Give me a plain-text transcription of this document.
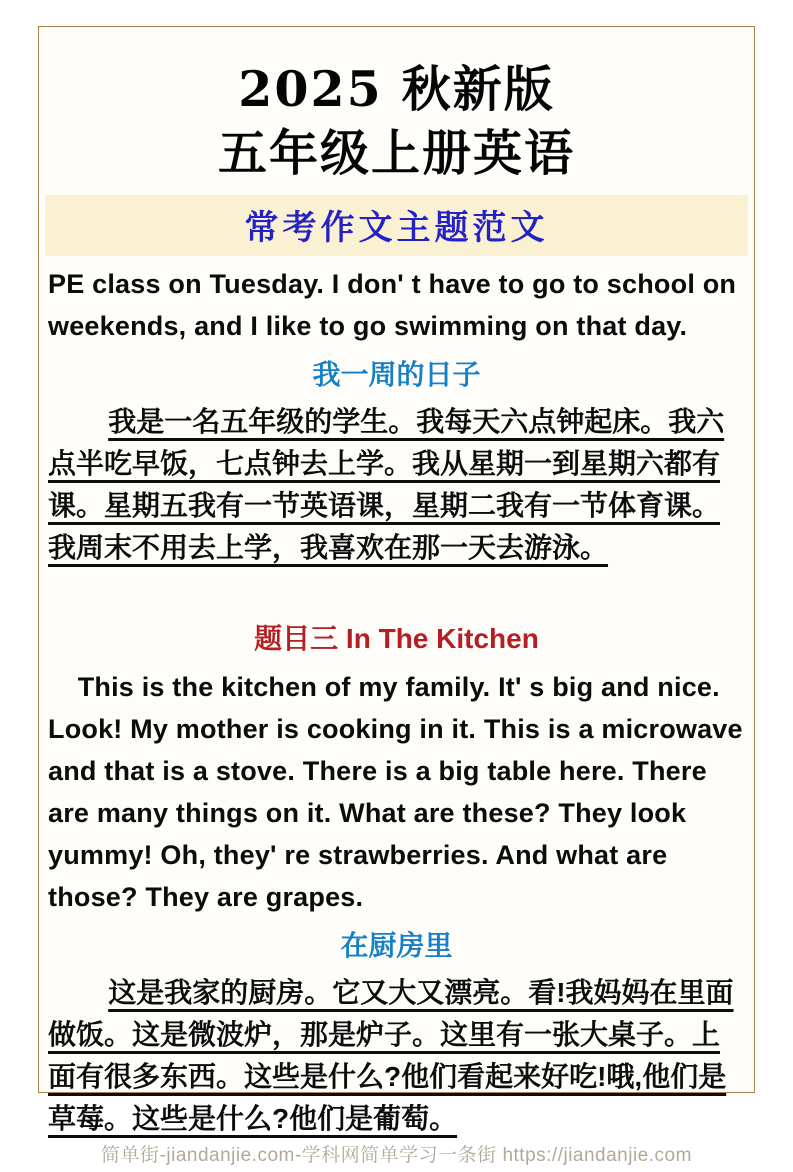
2025 秋新版
五年级上册英语
常考作文主题范文

PE class on Tuesday. I don' t have to go to school on weekends, and I like to go swimming on that day.

我一周的日子

我是一名五年级的学生。我每天六点钟起床。我六点半吃早饭，七点钟去上学。我从星期一到星期六都有课。星期五我有一节英语课，星期二我有一节体育课。我周末不用去上学，我喜欢在那一天去游泳。

题目三 In The Kitchen

This is the kitchen of my family. It' s big and nice. Look! My mother is cooking in it. This is a microwave and that is a stove. There is a big table here. There are many things on it. What are these? They look yummy! Oh, they' re strawberries. And what are those? They are grapes.

在厨房里

这是我家的厨房。它又大又漂亮。看!我妈妈在里面做饭。这是微波炉，那是炉子。这里有一张大桌子。上面有很多东西。这些是什么?他们看起来好吃!哦,他们是草莓。这些是什么?他们是葡萄。

简单街-jiandanjie.com-学科网简单学习一条街 https://jiandanjie.com
